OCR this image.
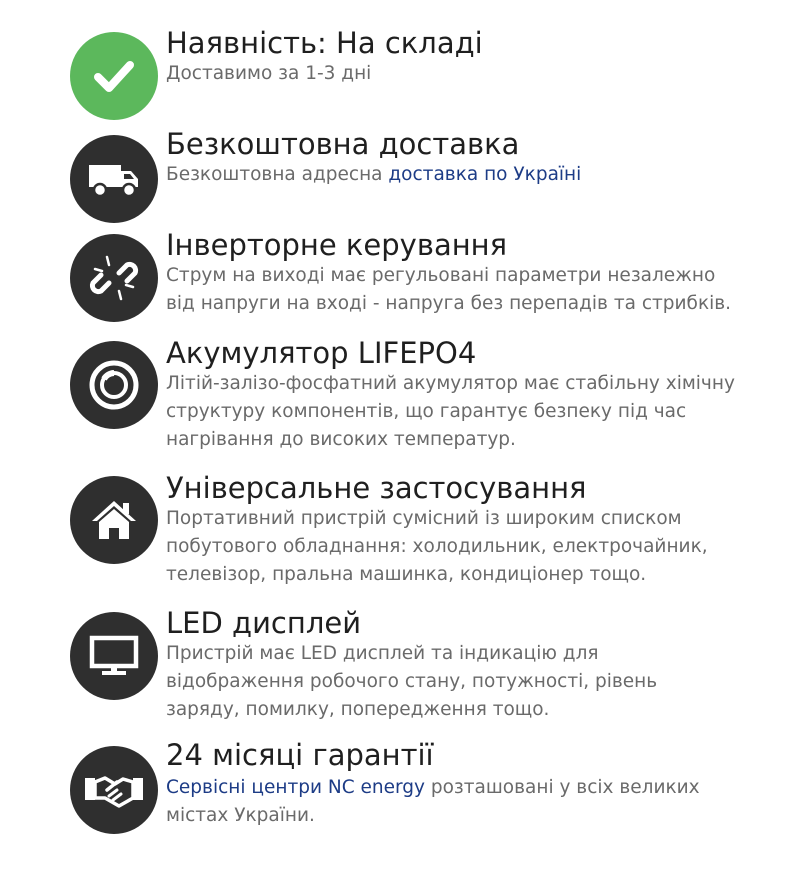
Наявність: На складі
Доставимо за 1-3 дні
Безкоштовна доставка
Безкоштовна адресна доставка по Україні
Інверторне керування
Струм на виході має регульовані параметри незалежно
від напруги на вході - напруга без перепадів та стрибків.
Акумулятор LIFEPO4
Літій-залізо-фосфатний акумулятор має стабільну хімічну
структуру компонентів, що гарантує безпеку під час
нагрівання до високих температур.
Універсальне застосування
Портативний пристрій сумісний із широким списком
побутового обладнання: холодильник, електрочайник,
телевізор, пральна машинка, кондиціонер тощо.
LED дисплей
Пристрій має LED дисплей та індикацію для
відображення робочого стану, потужності, рівень
заряду, помилку, попередження тощо.
24 місяці гарантії
Сервісні центри NC energy розташовані у всіх великих
містах України.
